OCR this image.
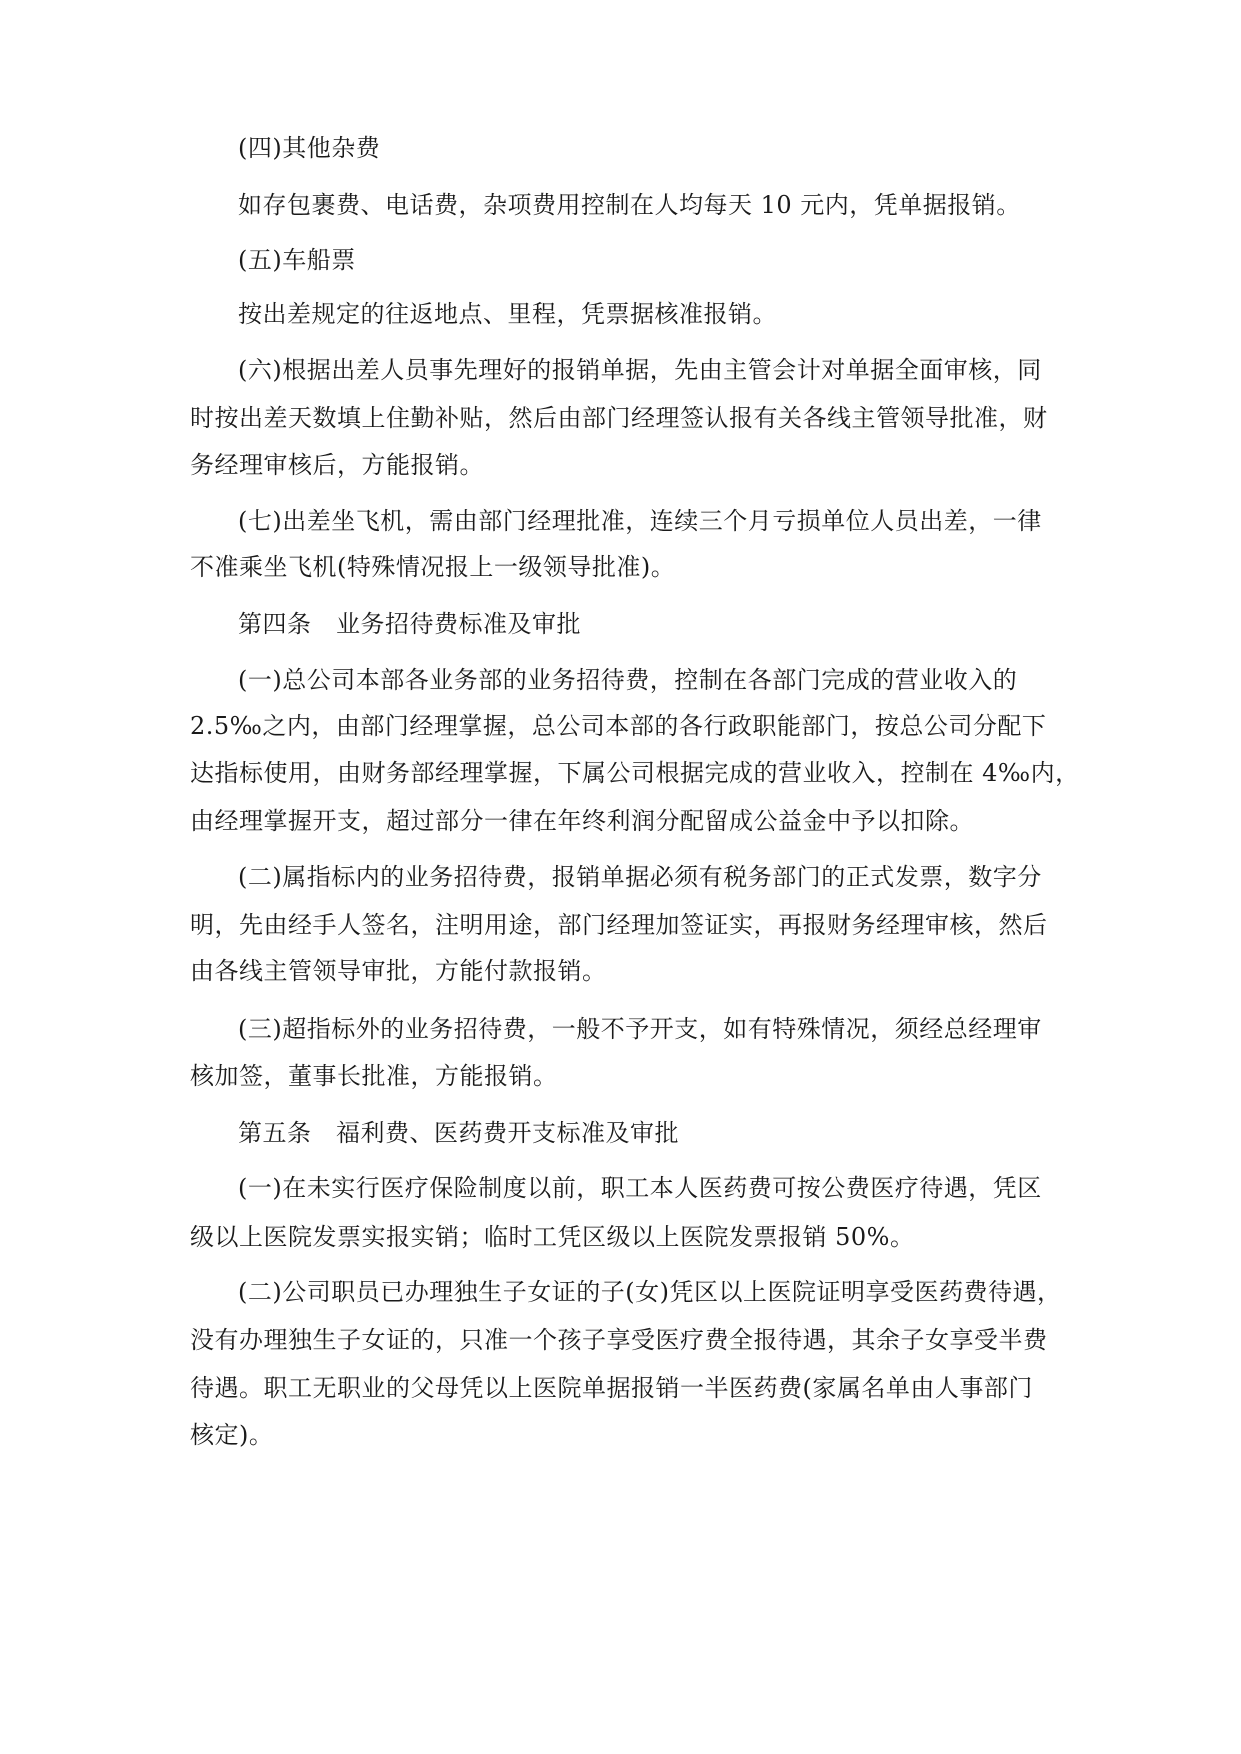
(四)其他杂费
如存包裹费、电话费，杂项费用控制在人均每天 10 元内，凭单据报销。
(五)车船票
按出差规定的往返地点、里程，凭票据核准报销。
(六)根据出差人员事先理好的报销单据，先由主管会计对单据全面审核，同
时按出差天数填上住勤补贴，然后由部门经理签认报有关各线主管领导批准，财
务经理审核后，方能报销。
(七)出差坐飞机，需由部门经理批准，连续三个月亏损单位人员出差，一律
不准乘坐飞机(特殊情况报上一级领导批准)。
第四条　业务招待费标准及审批
(一)总公司本部各业务部的业务招待费，控制在各部门完成的营业收入的
2.5‰之内，由部门经理掌握，总公司本部的各行政职能部门，按总公司分配下
达指标使用，由财务部经理掌握，下属公司根据完成的营业收入，控制在 4‰内，
由经理掌握开支，超过部分一律在年终利润分配留成公益金中予以扣除。
(二)属指标内的业务招待费，报销单据必须有税务部门的正式发票，数字分
明，先由经手人签名，注明用途，部门经理加签证实，再报财务经理审核，然后
由各线主管领导审批，方能付款报销。
(三)超指标外的业务招待费，一般不予开支，如有特殊情况，须经总经理审
核加签，董事长批准，方能报销。
第五条　福利费、医药费开支标准及审批
(一)在未实行医疗保险制度以前，职工本人医药费可按公费医疗待遇，凭区
级以上医院发票实报实销；临时工凭区级以上医院发票报销 50%。
(二)公司职员已办理独生子女证的子(女)凭区以上医院证明享受医药费待遇，
没有办理独生子女证的，只准一个孩子享受医疗费全报待遇，其余子女享受半费
待遇。职工无职业的父母凭以上医院单据报销一半医药费(家属名单由人事部门
核定)。
